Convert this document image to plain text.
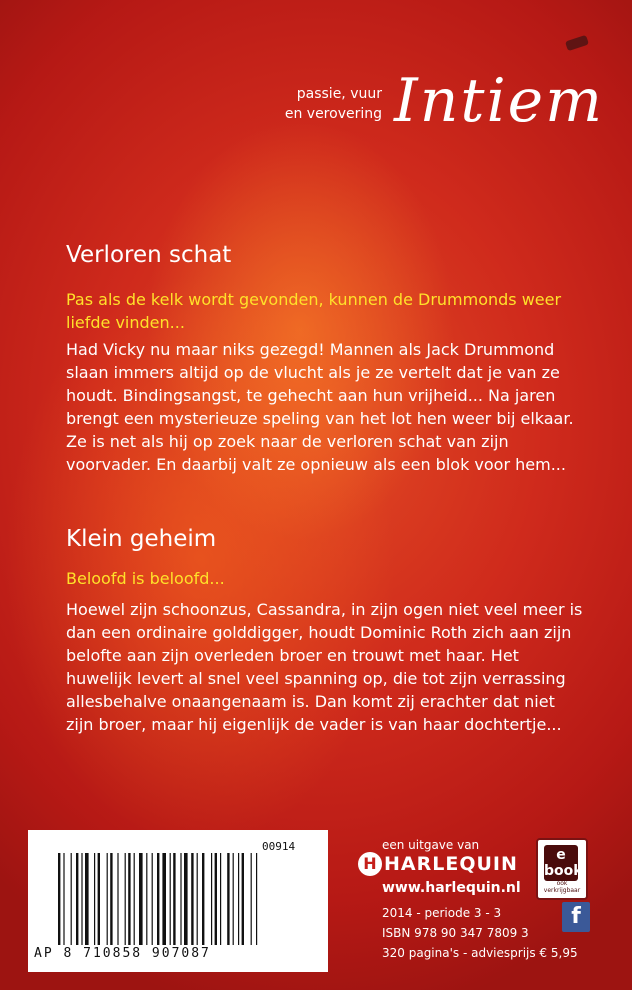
passie, vuur
en verovering Intiem
Verloren schat
Pas als de kelk wordt gevonden, kunnen de Drummonds weer liefde vinden...
Had Vicky nu maar niks gezegd! Mannen als Jack Drummond slaan immers altijd op de vlucht als je ze vertelt dat je van ze houdt. Bindingsangst, te gehecht aan hun vrijheid... Na jaren brengt een mysterieuze speling van het lot hen weer bij elkaar. Ze is net als hij op zoek naar de verloren schat van zijn voorvader. En daarbij valt ze opnieuw als een blok voor hem...
Klein geheim
Beloofd is beloofd...
Hoewel zijn schoonzus, Cassandra, in zijn ogen niet veel meer is dan een ordinaire golddigger, houdt Dominic Roth zich aan zijn belofte aan zijn overleden broer en trouwt met haar. Het huwelijk levert al snel veel spanning op, die tot zijn verrassing allesbehalve onaangenaam is. Dan komt zij erachter dat niet zijn broer, maar hij eigenlijk de vader is van haar dochtertje...
00914
AP 8 710858 907087
een uitgave van
H HARLEQUIN
www.harlequin.nl
e book
ook verkrijgbaar
2014 - periode 3 - 3
ISBN 978 90 347 7809 3
320 pagina's - adviesprijs € 5,95
f
